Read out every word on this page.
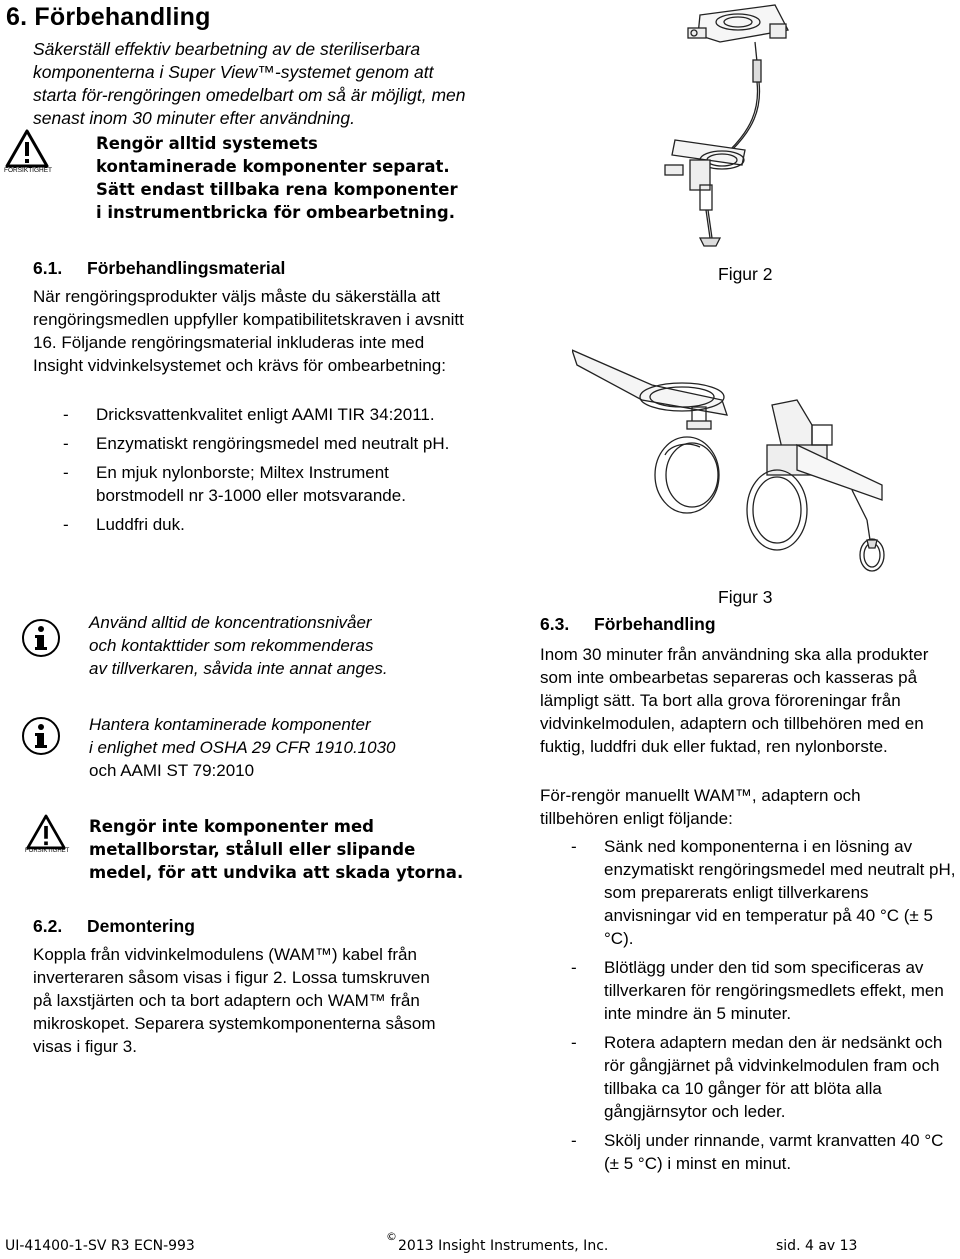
6. Förbehandling
Säkerställ effektiv bearbetning av de steriliserbara komponenterna i Super View™-systemet genom att starta för-rengöringen omedelbart om så är möjligt, men senast inom 30 minuter efter användning.
FÖRSIKTIGHET
Rengör alltid systemets
kontaminerade komponenter separat.
Sätt endast tillbaka rena komponenter
i instrumentbricka för ombearbetning.
6.1. Förbehandlingsmaterial
När rengöringsprodukter väljs måste du säkerställa att rengöringsmedlen uppfyller kompatibilitetskraven i avsnitt 16. Följande rengöringsmaterial inkluderas inte med Insight vidvinkelsystemet och krävs för ombearbetning:
- Dricksvattenkvalitet enligt AAMI TIR 34:2011.
- Enzymatiskt rengöringsmedel med neutralt pH.
- En mjuk nylonborste; Miltex Instrument borstmodell nr 3-1000 eller motsvarande.
- Luddfri duk.
Använd alltid de koncentrationsnivåer
och kontakttider som rekommenderas
av tillverkaren, såvida inte annat anges.
Hantera kontaminerade komponenter
i enlighet med OSHA 29 CFR 1910.1030
och AAMI ST 79:2010
FÖRSIKTIGHET
Rengör inte komponenter med
metallborstar, stålull eller slipande
medel, för att undvika att skada ytorna.
6.2. Demontering
Koppla från vidvinkelmodulens (WAM™) kabel från inverteraren såsom visas i figur 2. Lossa tumskruven på laxstjärten och ta bort adaptern och WAM™ från mikroskopet. Separera systemkomponenterna såsom visas i figur 3.
Figur 2
Figur 3
6.3. Förbehandling
Inom 30 minuter från användning ska alla produkter som inte ombearbetas separeras och kasseras på lämpligt sätt. Ta bort alla grova föroreningar från vidvinkelmodulen, adaptern och tillbehören med en fuktig, luddfri duk eller fuktad, ren nylonborste.
För-rengör manuellt WAM™, adaptern och tillbehören enligt följande:
- Sänk ned komponenterna i en lösning av enzymatiskt rengöringsmedel med neutralt pH, som preparerats enligt tillverkarens anvisningar vid en temperatur på 40 °C (± 5 °C).
- Blötlägg under den tid som specificeras av tillverkaren för rengöringsmedlets effekt, men inte mindre än 5 minuter.
- Rotera adaptern medan den är nedsänkt och rör gångjärnet på vidvinkelmodulen fram och tillbaka ca 10 gånger för att blöta alla gångjärnsytor och leder.
- Skölj under rinnande, varmt kranvatten 40 °C (± 5 °C) i minst en minut.
UI-41400-1-SV R3 ECN-993
©
2013 Insight Instruments, Inc.	sid. 4 av 13
